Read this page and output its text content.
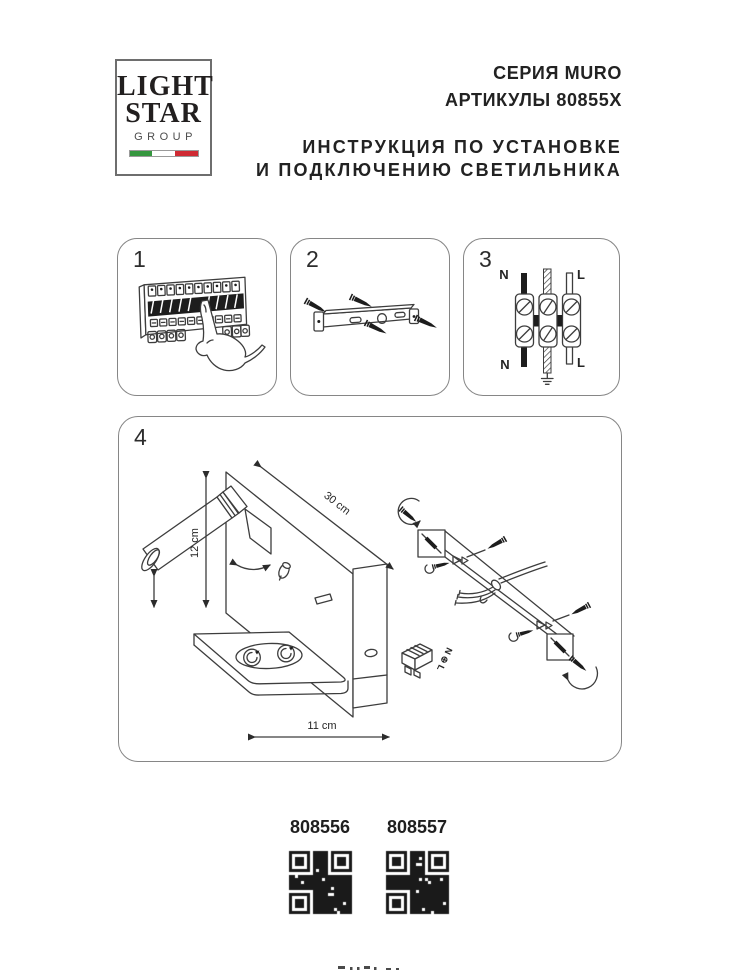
LIGHT
STAR
GROUP
СЕРИЯ MURO
АРТИКУЛЫ 80855X
ИНСТРУКЦИЯ ПО УСТАНОВКЕ
И ПОДКЛЮЧЕНИЮ СВЕТИЛЬНИКА
1	2	3
N	L
N	L
4
12 cm
30 cm
11 cm
N ⊕ L
808556 808557
